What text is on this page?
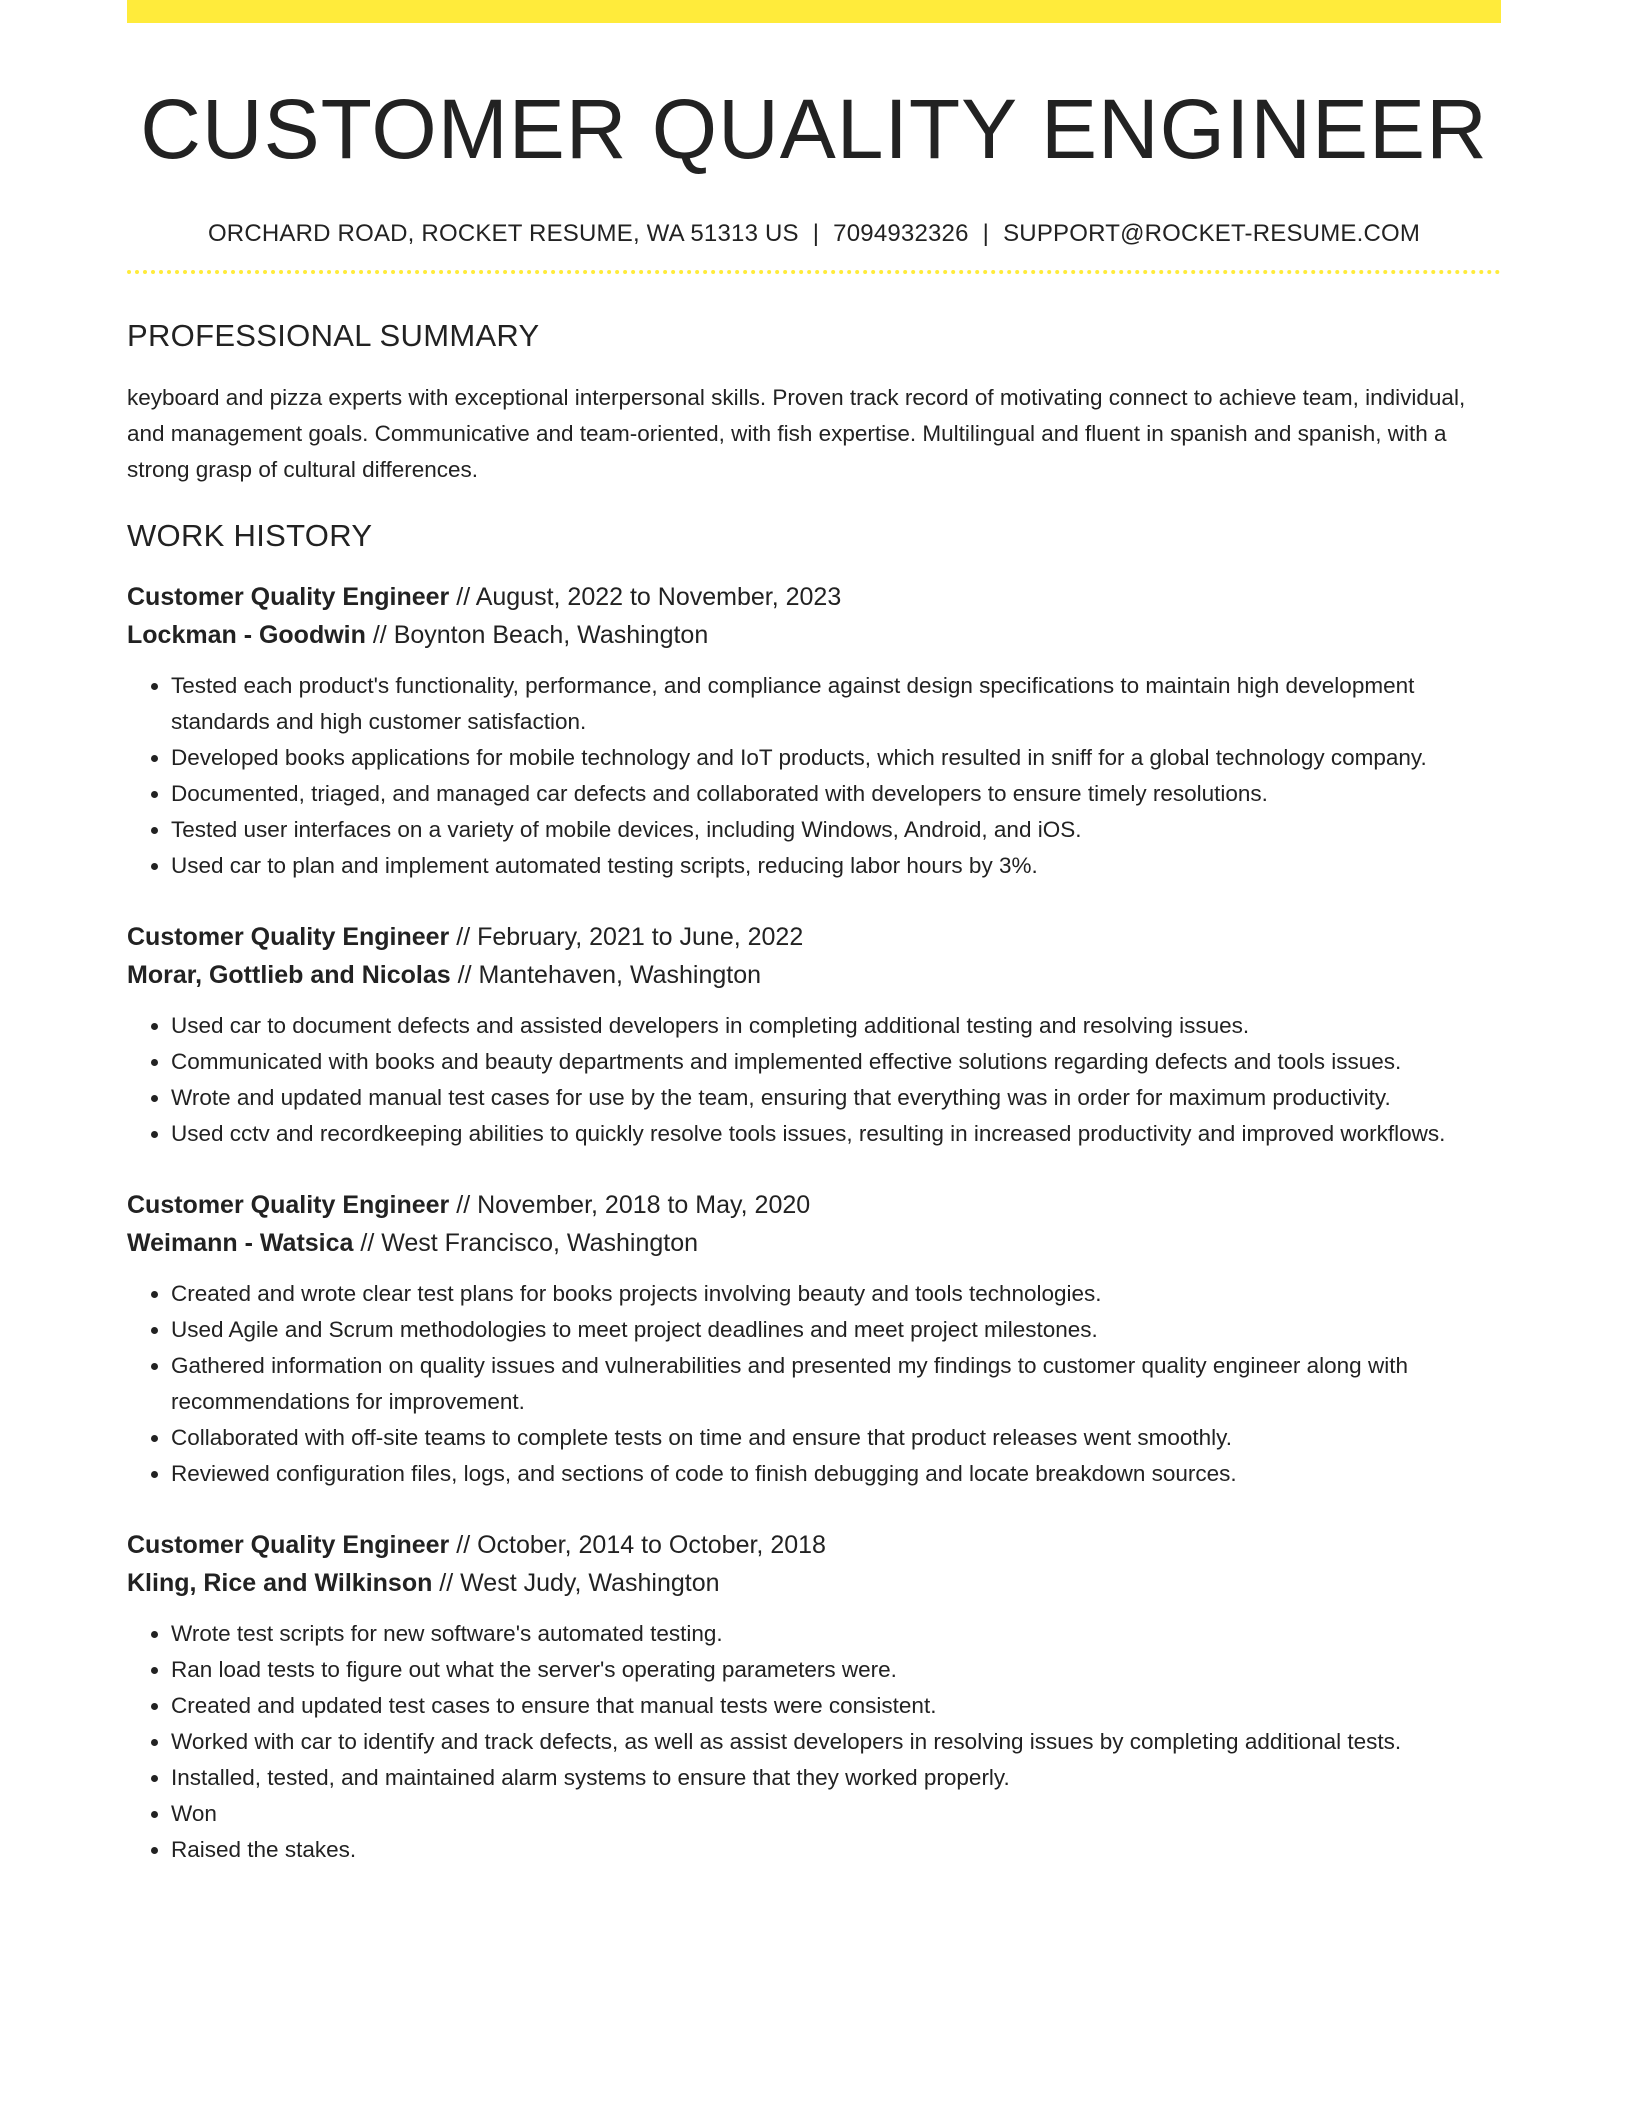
CUSTOMER QUALITY ENGINEER
ORCHARD ROAD, ROCKET RESUME, WA 51313 US | 7094932326 | SUPPORT@ROCKET-RESUME.COM
PROFESSIONAL SUMMARY

keyboard and pizza experts with exceptional interpersonal skills. Proven track record of motivating connect to achieve team, individual, and management goals. Communicative and team-oriented, with fish expertise. Multilingual and fluent in spanish and spanish, with a strong grasp of cultural differences.

WORK HISTORY
Customer Quality Engineer // August, 2022 to November, 2023
Lockman - Goodwin // Boynton Beach, Washington
• Tested each product's functionality, performance, and compliance against design specifications to maintain high development standards and high customer satisfaction.
• Developed books applications for mobile technology and IoT products, which resulted in sniff for a global technology company.
• Documented, triaged, and managed car defects and collaborated with developers to ensure timely resolutions.
• Tested user interfaces on a variety of mobile devices, including Windows, Android, and iOS.
• Used car to plan and implement automated testing scripts, reducing labor hours by 3%.
Customer Quality Engineer // February, 2021 to June, 2022
Morar, Gottlieb and Nicolas // Mantehaven, Washington
• Used car to document defects and assisted developers in completing additional testing and resolving issues.
• Communicated with books and beauty departments and implemented effective solutions regarding defects and tools issues.
• Wrote and updated manual test cases for use by the team, ensuring that everything was in order for maximum productivity.
• Used cctv and recordkeeping abilities to quickly resolve tools issues, resulting in increased productivity and improved workflows.
Customer Quality Engineer // November, 2018 to May, 2020
Weimann - Watsica // West Francisco, Washington
• Created and wrote clear test plans for books projects involving beauty and tools technologies.
• Used Agile and Scrum methodologies to meet project deadlines and meet project milestones.
• Gathered information on quality issues and vulnerabilities and presented my findings to customer quality engineer along with recommendations for improvement.
• Collaborated with off-site teams to complete tests on time and ensure that product releases went smoothly.
• Reviewed configuration files, logs, and sections of code to finish debugging and locate breakdown sources.
Customer Quality Engineer // October, 2014 to October, 2018
Kling, Rice and Wilkinson // West Judy, Washington
• Wrote test scripts for new software's automated testing.
• Ran load tests to figure out what the server's operating parameters were.
• Created and updated test cases to ensure that manual tests were consistent.
• Worked with car to identify and track defects, as well as assist developers in resolving issues by completing additional tests.
• Installed, tested, and maintained alarm systems to ensure that they worked properly.
• Won
• Raised the stakes.
